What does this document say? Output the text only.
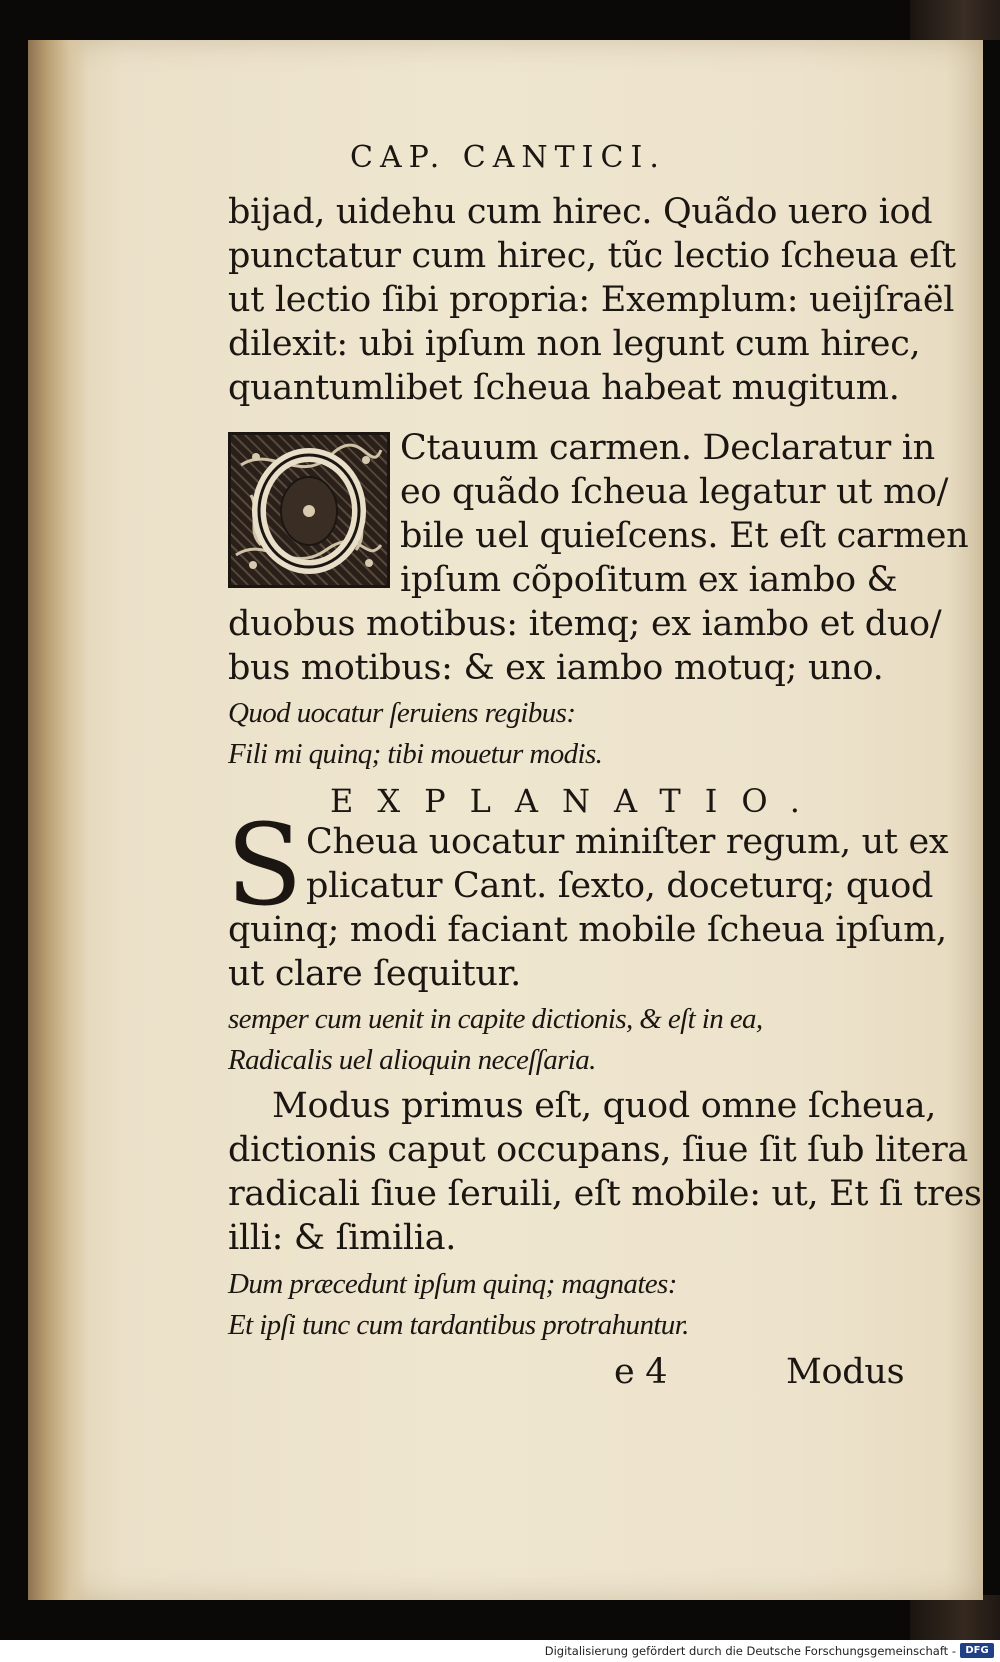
CAP. CANTICI.
bijad, uidehu cum hirec. Quãdo uero iod
punctatur cum hirec, tũc lectio ſcheua eſt
ut lectio ſibi propria: Exemplum: ueijſraël
dilexit: ubi ipſum non legunt cum hirec,
quantumlibet ſcheua habeat mugitum.
Ctauum carmen. Declaratur in
eo quãdo ſcheua legatur ut mo/
bile uel quieſcens. Et eſt carmen
ipſum cõpoſitum ex iambo &
duobus motibus: itemq; ex iambo et duo/
bus motibus: & ex iambo motuq; uno.
Quod uocatur ſeruiens regibus:
Fili mi quinq; tibi mouetur modis.
EXPLANATIO.
S Cheua uocatur miniſter regum, ut ex
plicatur Cant. ſexto, doceturq; quod
quinq; modi faciant mobile ſcheua ipſum,
ut clare ſequitur.
semper cum uenit in capite dictionis, & eſt in ea,
Radicalis uel alioquin neceſſaria.
Modus primus eſt, quod omne ſcheua,
dictionis caput occupans, ſiue ſit ſub litera
radicali ſiue ſeruili, eſt mobile: ut, Et ſi tres
illi: & ſimilia.
Dum præcedunt ipſum quinq; magnates:
Et ipſi tunc cum tardantibus protrahuntur.
e 4	Modus
Digitalisierung gefördert durch die Deutsche Forschungsgemeinschaft - DFG
